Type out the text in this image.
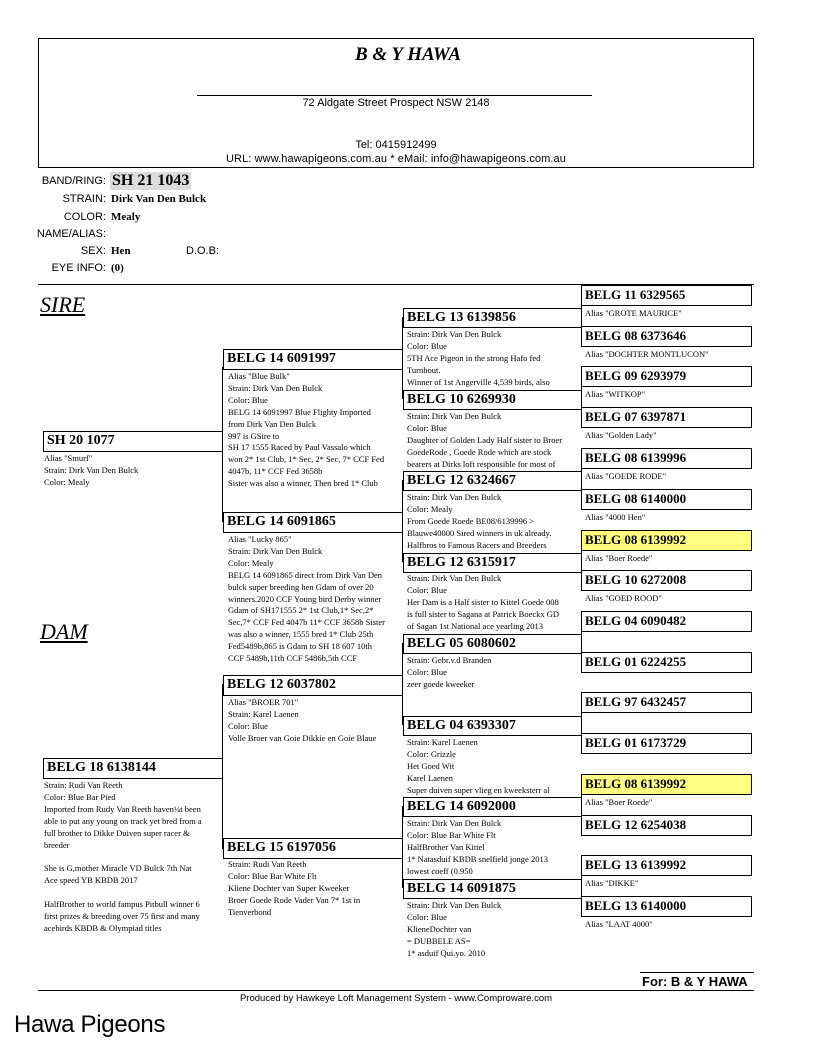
B & Y HAWA
72 Aldgate Street Prospect NSW 2148
Tel: 0415912499
URL: www.hawapigeons.com.au * eMail: info@hawapigeons.com.au
BAND/RING: SH 21 1043
STRAIN: Dirk Van Den Bulck
COLOR: Mealy
NAME/ALIAS:
SEX: Hen	D.O.B:
EYE INFO: (0)
SIRE
DAM
SH 20 1077
Alias "Smurf"
Strain: Dirk Van Den Bulck
Color: Mealy
BELG 18 6138144
Strain: Rudi Van Reeth
Color: Blue Bar Pied
Imported from Rudy Van Reeth haven¼t been
able to put any young on track yet bred from a
full brother to Dikke Duiven super racer &
breeder

She is G,mother Miracle VD Bulck 7th Nat
Ace speed YB KBDB 2017

HalfBrother to world fampus Pitbull winner 6
first prizes & breeding over 75 first and many
acebirds KBDB & Olympiad titles
BELG 14 6091997
Alias "Blue Bulk"
Strain: Dirk Van Den Bulck
Color: Blue
BELG 14 6091997 Blue Flighty Imported
from Dirk Van Den Bulck
997 is GSire to
SH 17 1555 Raced by Paul Vassalo which
won 2* 1st Club, 1* Sec, 2* Sec, 7* CCF Fed
4047b, 11* CCF Fed 3658b
Sister was also a winner, Then bred 1* Club
BELG 14 6091865
Alias "Lucky 865"
Strain: Dirk Van Den Bulck
Color: Mealy
BELG 14 6091865 direct from Dirk Van Den
bulck super breeding hen Gdam of over 20
winners.2020 CCF Young bird Derby winner
Gdam of SH171555 2* 1st Club,1* Sec,2*
Sec,7* CCF Fed 4047b 11* CCF 3658b Sister
was also a winner, 1555 bred 1* Club 25th
Fed5489b,865 is Gdam to SH 18 607 10th
CCF 5489b,11th CCF 5486b,5th CCF
BELG 12 6037802
Alias "BROER 701"
Strain: Karel Laenen
Color: Blue
Volle Broer van Goie Dikkie en Goie Blaue
BELG 15 6197056
Strain: Rudi Van Reeth
Color: Blue Bar White Flt
Kliene Dochter van Super Kweeker
Broer Goede Rode Vader Van 7* 1st in
Tienverbond
BELG 13 6139856
Strain: Dirk Van Den Bulck
Color: Blue
5TH Ace Pigeon in the strong Hafo fed
Turnhout.
Winner of 1st Angerville 4,539 birds, also
BELG 10 6269930
Strain: Dirk Van Den Bulck
Color: Blue
Daughter of Golden Lady Half sister to Broer
GoedeRode , Goede Rode which are stock
bearers at Dirks loft responsible for most of
BELG 12 6324667
Strain: Dirk Van Den Bulck
Color: Mealy
From Goede Roede BE08/6139996 >
Blauwe40000 Sired winners in uk already.
Halfbros to Famous Racers and Breeders
BELG 12 6315917
Strain: Dirk Van Den Bulck
Color: Blue
Her Dam is a Half sister to Kittel Goede 008
is full sister to Sagana at Patrick Boeckx GD
of Sagan 1st National ace yearling 2013
BELG 05 6080602
Strain: Gebr.v.d Branden
Color: Blue
zeer goede kweeker
BELG 04 6393307
Strain: Karel Laenen
Color: Grizzle
Het Goed Wit
Karel Laenen
Super duiven super vlieg en kweeksterr al
BELG 14 6092000
Strain: Dirk Van Den Bulck
Color: Blue Bar White Flt
HalfBrother Van Kittel
1* Natasduif KBDB snelfield jonge 2013
lowest coeff (0.950
BELG 14 6091875
Strain: Dirk Van Den Bulck
Color: Blue
KlieneDochter van
= DUBBELE AS=
1* asduif Qui.yo. 2010
BELG 11 6329565
Alias "GROTE MAURICE"
BELG 08 6373646
Alias "DOCHTER MONTLUCON"
BELG 09 6293979
Alias "WITKOP"
BELG 07 6397871
Alias "Golden Lady"
BELG 08 6139996
Alias "GOEDE RODE"
BELG 08 6140000
Alias "4000 Hen"
BELG 08 6139992
Alias "Boer Roede"
BELG 10 6272008
Alias "GOED ROOD"
BELG 04 6090482
BELG 01 6224255
BELG 97 6432457
BELG 01 6173729
BELG 08 6139992
Alias "Boer Roede"
BELG 12 6254038
BELG 13 6139992
Alias "DIKKE"
BELG 13 6140000
Alias "LAAT 4000"
For: B & Y HAWA
Produced by Hawkeye Loft Management System - www.Comproware.com
Hawa Pigeons
